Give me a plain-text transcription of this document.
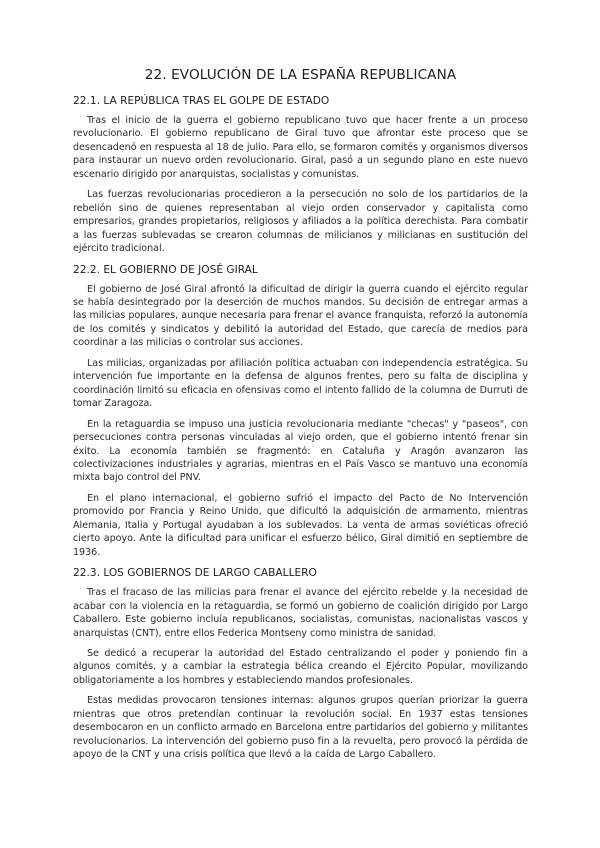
22. EVOLUCIÓN DE LA ESPAÑA REPUBLICANA
22.1. LA REPÚBLICA TRAS EL GOLPE DE ESTADO

Tras el inicio de la guerra el gobierno republicano tuvo que hacer frente a un proceso revolucionario. El gobierno republicano de Giral tuvo que afrontar este proceso que se desencadenó en respuesta al 18 de julio. Para ello, se formaron comités y organismos diversos para instaurar un nuevo orden revolucionario. Giral, pasó a un segundo plano en este nuevo escenario dirigido por anarquistas, socialistas y comunistas.

Las fuerzas revolucionarias procedieron a la persecución no solo de los partidarios de la rebelión sino de quienes representaban al viejo orden conservador y capitalista como empresarios, grandes propietarios, religiosos y afiliados a la política derechista. Para combatir a las fuerzas sublevadas se crearon columnas de milicianos y milicianas en sustitución del ejército tradicional.

22.2. EL GOBIERNO DE JOSÉ GIRAL

El gobierno de José Giral afrontó la dificultad de dirigir la guerra cuando el ejército regular se había desintegrado por la deserción de muchos mandos. Su decisión de entregar armas a las milicias populares, aunque necesaria para frenar el avance franquista, reforzó la autonomía de los comités y sindicatos y debilitó la autoridad del Estado, que carecía de medios para coordinar a las milicias o controlar sus acciones.

Las milicias, organizadas por afiliación política actuaban con independencia estratégica. Su intervención fue importante en la defensa de algunos frentes, pero su falta de disciplina y coordinación limitó su eficacia en ofensivas como el intento fallido de la columna de Durruti de tomar Zaragoza.

En la retaguardia se impuso una justicia revolucionaria mediante "checas" y "paseos", con persecuciones contra personas vinculadas al viejo orden, que el gobierno intentó frenar sin éxito. La economía también se fragmentó: en Cataluña y Aragón avanzaron las colectivizaciones industriales y agrarias, mientras en el País Vasco se mantuvo una economía mixta bajo control del PNV.

En el plano internacional, el gobierno sufrió el impacto del Pacto de No Intervención promovido por Francia y Reino Unido, que dificultó la adquisición de armamento, mientras Alemania, Italia y Portugal ayudaban a los sublevados. La venta de armas soviéticas ofreció cierto apoyo. Ante la dificultad para unificar el esfuerzo bélico, Giral dimitió en septiembre de 1936.

22.3. LOS GOBIERNOS DE LARGO CABALLERO

Tras el fracaso de las milicias para frenar el avance del ejército rebelde y la necesidad de acabar con la violencia en la retaguardia, se formó un gobierno de coalición dirigido por Largo Caballero. Este gobierno incluía republicanos, socialistas, comunistas, nacionalistas vascos y anarquistas (CNT), entre ellos Federica Montseny como ministra de sanidad.

Se dedicó a recuperar la autoridad del Estado centralizando el poder y poniendo fin a algunos comités, y a cambiar la estrategia bélica creando el Ejército Popular, movilizando obligatoriamente a los hombres y estableciendo mandos profesionales.

Estas medidas provocaron tensiones internas: algunos grupos querían priorizar la guerra mientras que otros pretendían continuar la revolución social. En 1937 estas tensiones desembocaron en un conflicto armado en Barcelona entre partidarios del gobierno y militantes revolucionarios. La intervención del gobierno puso fin a la revuelta, pero provocó la pérdida de apoyo de la CNT y una crisis política que llevó a la caída de Largo Caballero.
